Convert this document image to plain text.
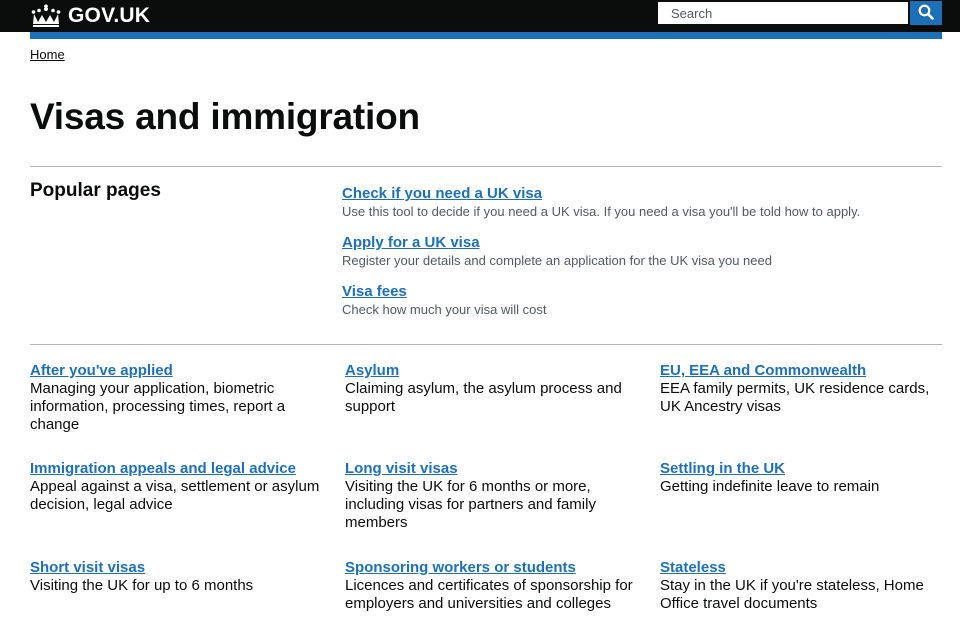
GOV.UK
Search
Home
Visas and immigration
Popular pages	Check if you need a UK visa
Use this tool to decide if you need a UK visa. If you need a visa you'll be told how to apply.
Apply for a UK visa
Register your details and complete an application for the UK visa you need
Visa fees
Check how much your visa will cost
After you've applied
Managing your application, biometric information, processing times, report a change
Asylum
Claiming asylum, the asylum process and support
EU, EEA and Commonwealth
EEA family permits, UK residence cards, UK Ancestry visas
Immigration appeals and legal advice
Appeal against a visa, settlement or asylum decision, legal advice
Long visit visas
Visiting the UK for 6 months or more, including visas for partners and family members
Settling in the UK
Getting indefinite leave to remain
Short visit visas
Visiting the UK for up to 6 months
Sponsoring workers or students
Licences and certificates of sponsorship for employers and universities and colleges
Stateless
Stay in the UK if you're stateless, Home Office travel documents
